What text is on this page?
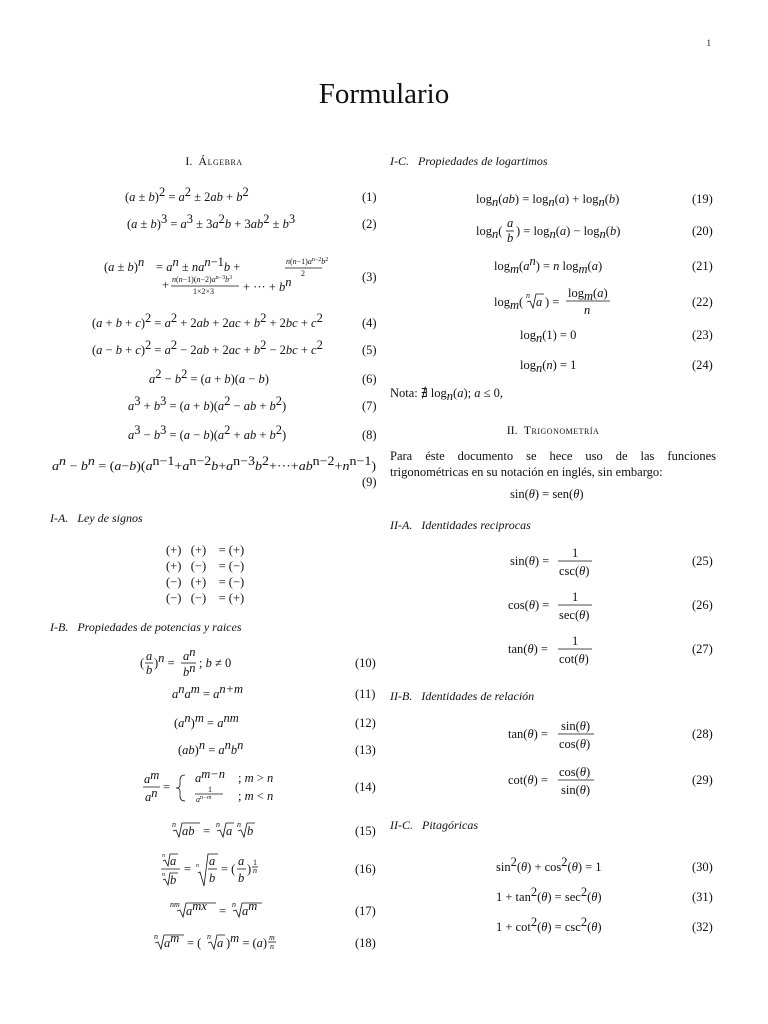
1
Formulario
I. Álgebra
(a ± b)2 = a2 ± 2ab + b2	(1)
(a ± b)3 = a3 ± 3a2b + 3ab2 ± b3	(2)
(a ± b)n = an ± nan−1b +	$n(n-1)a^{n-2}b^2$
2
+ $n(n-1)(n-2)a^{n-3}b^3$
1×2×3 + ··· + bn	(3)
(a + b + c)2 = a2 + 2ab + 2ac + b2 + 2bc + c2	(4)
(a − b + c)2 = a2 − 2ab + 2ac + b2 − 2bc + c2	(5)
a2 − b2 = (a + b)(a − b)	(6)
a3 + b3 = (a + b)(a2 − ab + b2)	(7)
a3 − b3 = (a − b)(a2 + ab + b2)	(8)
an − bn = ( a−b)(an−1 +an−2 b+an−3 b2+···+ abn−2 +nn−1 )
(9)
I-A. Ley de signos
(+)   (+)    = (+)
(+)   (−)    = (−)
(−)   (+)    = (−)
(−)   (−)    = (+)
I-B. Propiedades de potencias y raices
( a
b )n = an
bn ; b ≠ 0	(10)
anam = an+m	(11)
(an)m = anm	(12)
(ab)n = anbn	(13)
am
an =
am−n ; m > n
1
$a^{n-m}$ ; m < n
(14)
n ab = n a n b	(15)
n a
n b
= n a
b
= (
a
b
) 1
n	(16)
nm amx = n am	(17)
n am = ( n a )m = (a) m
n	(18)
I-C. Propiedades de logartimos
logn(ab) = logn(a) + logn(b)	(19)
logn(
a
b ) = logn(a) − logn(b)	(20)
logm(an) = n logm(a)	(21)
logm( n a ) =
logm(a)
n
(22)
logn(1) = 0	(23)
logn(n) = 1	(24)
Nota: ∄ logn(a); a ≤ 0,
II. Trigonometría
Para éste documento se hece uso de las funciones trigonométricas en su notación en inglés, sin embargo:
sin(θ) = sen(θ)
II-A. Identidades reciprocas
sin(θ) =
1
csc(θ)
(25)
cos(θ) =
1
sec(θ)
(26)
tan(θ) =
1
cot(θ)
(27)
II-B. Identidades de relación
tan(θ) =
sin(θ)
cos(θ)
(28)
cot(θ) =
cos(θ)
sin(θ)
(29)
II-C. Pitagóricas
sin2(θ) + cos2(θ) = 1	(30)
1 + tan2(θ) = sec2(θ)	(31)
1 + cot2(θ) = csc2(θ)	(32)
